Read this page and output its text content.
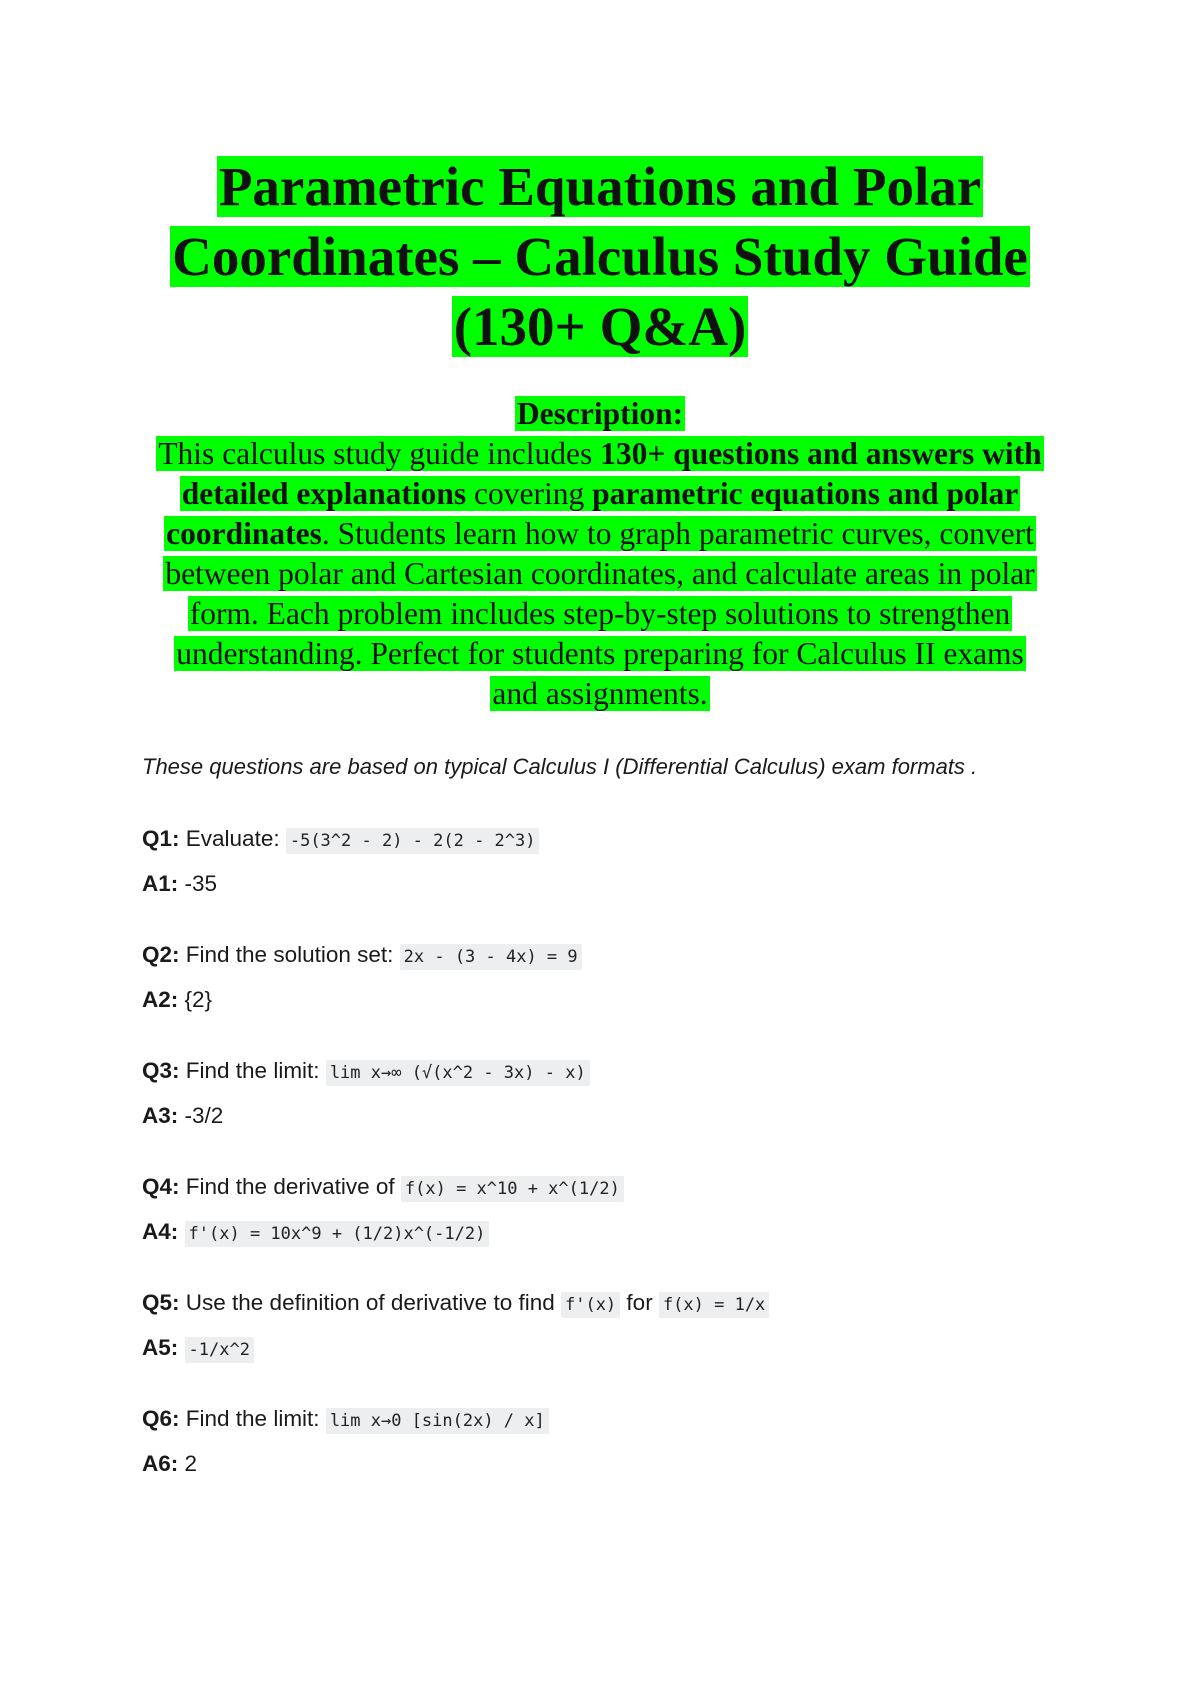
Parametric Equations and Polar
Coordinates – Calculus Study Guide
(130+ Q&A)
Description:
This calculus study guide includes 130+ questions and answers with detailed explanations covering parametric equations and polar coordinates. Students learn how to graph parametric curves, convert between polar and Cartesian coordinates, and calculate areas in polar form. Each problem includes step-by-step solutions to strengthen understanding. Perfect for students preparing for Calculus II exams and assignments.

These questions are based on typical Calculus I (Differential Calculus) exam formats .

Q1: Evaluate: -5(3^2 - 2) - 2(2 - 2^3)
A1: -35
Q2: Find the solution set: 2x - (3 - 4x) = 9
A2: {2}
Q3: Find the limit: lim x→∞ (√(x^2 - 3x) - x)
A3: -3/2
Q4: Find the derivative of f(x) = x^10 + x^(1/2)
A4: f'(x) = 10x^9 + (1/2)x^(-1/2)
Q5: Use the definition of derivative to find f'(x) for f(x) = 1/x
A5: -1/x^2
Q6: Find the limit: lim x→0 [sin(2x) / x]
A6: 2
